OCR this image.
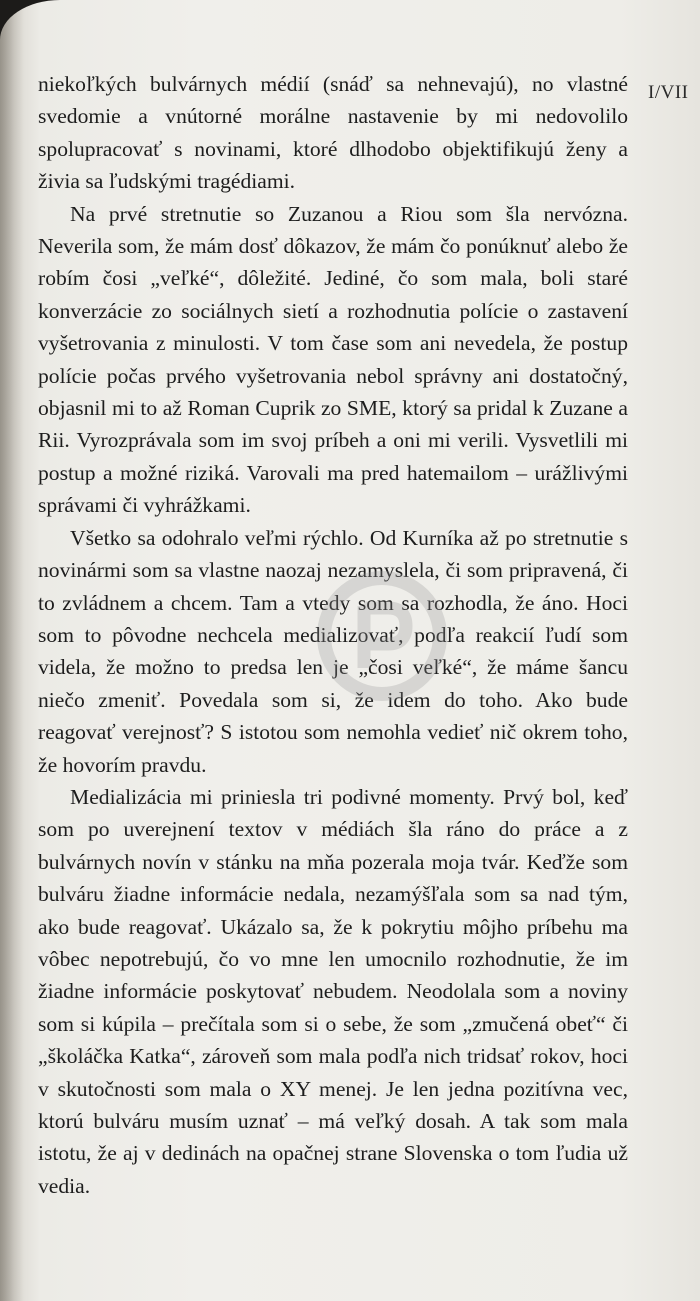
I/VII

niekoľkých bulvárnych médií (snáď sa nehnevajú), no vlastné svedomie a vnútorné morálne nastavenie by mi nedovolilo spolupracovať s novinami, ktoré dlhodobo objektifikujú ženy a živia sa ľudskými tragédiami.

Na prvé stretnutie so Zuzanou a Riou som šla nervózna. Neverila som, že mám dosť dôkazov, že mám čo ponúknuť alebo že robím čosi „veľké“, dôležité. Jediné, čo som mala, boli staré konverzácie zo sociálnych sietí a rozhodnutia polície o zastavení vyšetrovania z minulosti. V tom čase som ani nevedela, že postup polície počas prvého vyšetrovania nebol správny ani dostatočný, objasnil mi to až Roman Cuprik zo SME, ktorý sa pridal k Zuzane a Rii. Vyrozprávala som im svoj príbeh a oni mi verili. Vysvetlili mi postup a možné riziká. Varovali ma pred hatemailom – urážlivými správami či vyhrážkami.

Všetko sa odohralo veľmi rýchlo. Od Kurníka až po stretnutie s novinármi som sa vlastne naozaj nezamyslela, či som pripravená, či to zvládnem a chcem. Tam a vtedy som sa rozhodla, že áno. Hoci som to pôvodne nechcela medializovať, podľa reakcií ľudí som videla, že možno to predsa len je „čosi veľké“, že máme šancu niečo zmeniť. Povedala som si, že idem do toho. Ako bude reagovať verejnosť? S istotou som nemohla vedieť nič okrem toho, že hovorím pravdu.

Medializácia mi priniesla tri podivné momenty. Prvý bol, keď som po uverejnení textov v médiách šla ráno do práce a z bulvárnych novín v stánku na mňa pozerala moja tvár. Keďže som bulváru žiadne informácie nedala, nezamýšľala som sa nad tým, ako bude reagovať. Ukázalo sa, že k pokrytiu môjho príbehu ma vôbec nepotrebujú, čo vo mne len umocnilo rozhodnutie, že im žiadne informácie poskytovať nebudem. Neodolala som a noviny som si kúpila – prečítala som si o sebe, že som „zmučená obeť“ či „školáčka Katka“, zároveň som mala podľa nich tridsať rokov, hoci v skutočnosti som mala o XY menej. Je len jedna pozitívna vec, ktorú bulváru musím uznať – má veľký dosah. A tak som mala istotu, že aj v dedinách na opačnej strane Slovenska o tom ľudia už vedia.
